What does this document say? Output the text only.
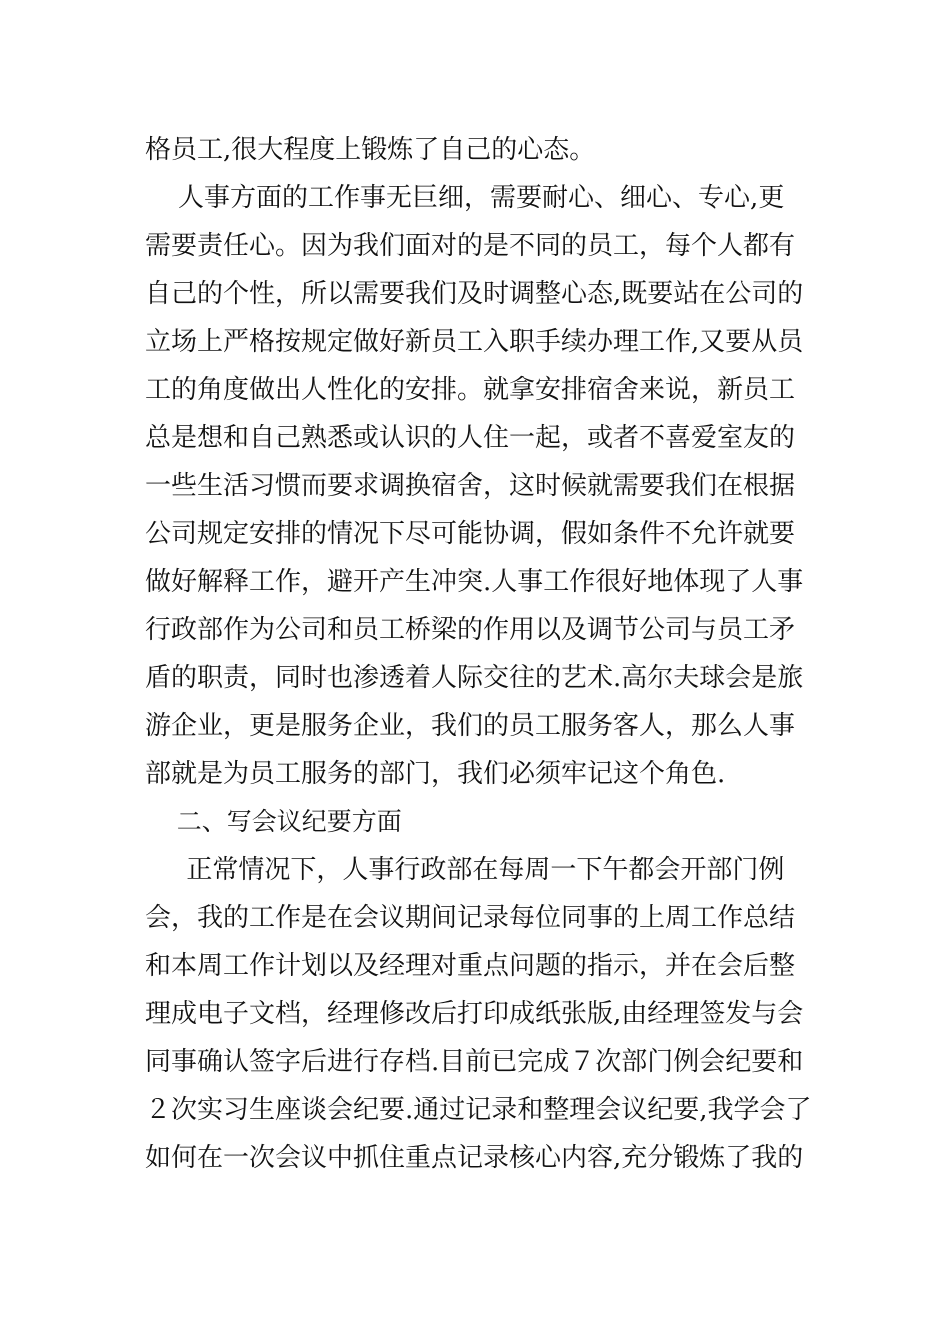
格员工,很大程度上锻炼了自己的心态。
人事方面的工作事无巨细，需要耐心、细心、专心,更
需要责任心。因为我们面对的是不同的员工，每个人都有
自己的个性，所以需要我们及时调整心态,既要站在公司的
立场上严格按规定做好新员工入职手续办理工作,又要从员
工的角度做出人性化的安排。就拿安排宿舍来说，新员工
总是想和自己熟悉或认识的人住一起，或者不喜爱室友的
一些生活习惯而要求调换宿舍，这时候就需要我们在根据
公司规定安排的情况下尽可能协调，假如条件不允许就要
做好解释工作，避开产生冲突.人事工作很好地体现了人事
行政部作为公司和员工桥梁的作用以及调节公司与员工矛
盾的职责，同时也渗透着人际交往的艺术.高尔夫球会是旅
游企业，更是服务企业，我们的员工服务客人，那么人事
部就是为员工服务的部门，我们必须牢记这个角色.
二、写会议纪要方面
正常情况下，人事行政部在每周一下午都会开部门例
会，我的工作是在会议期间记录每位同事的上周工作总结
和本周工作计划以及经理对重点问题的指示，并在会后整
理成电子文档，经理修改后打印成纸张版,由经理签发与会
同事确认签字后进行存档.目前已完成７次部门例会纪要和
２次实习生座谈会纪要.通过记录和整理会议纪要,我学会了
如何在一次会议中抓住重点记录核心内容,充分锻炼了我的
